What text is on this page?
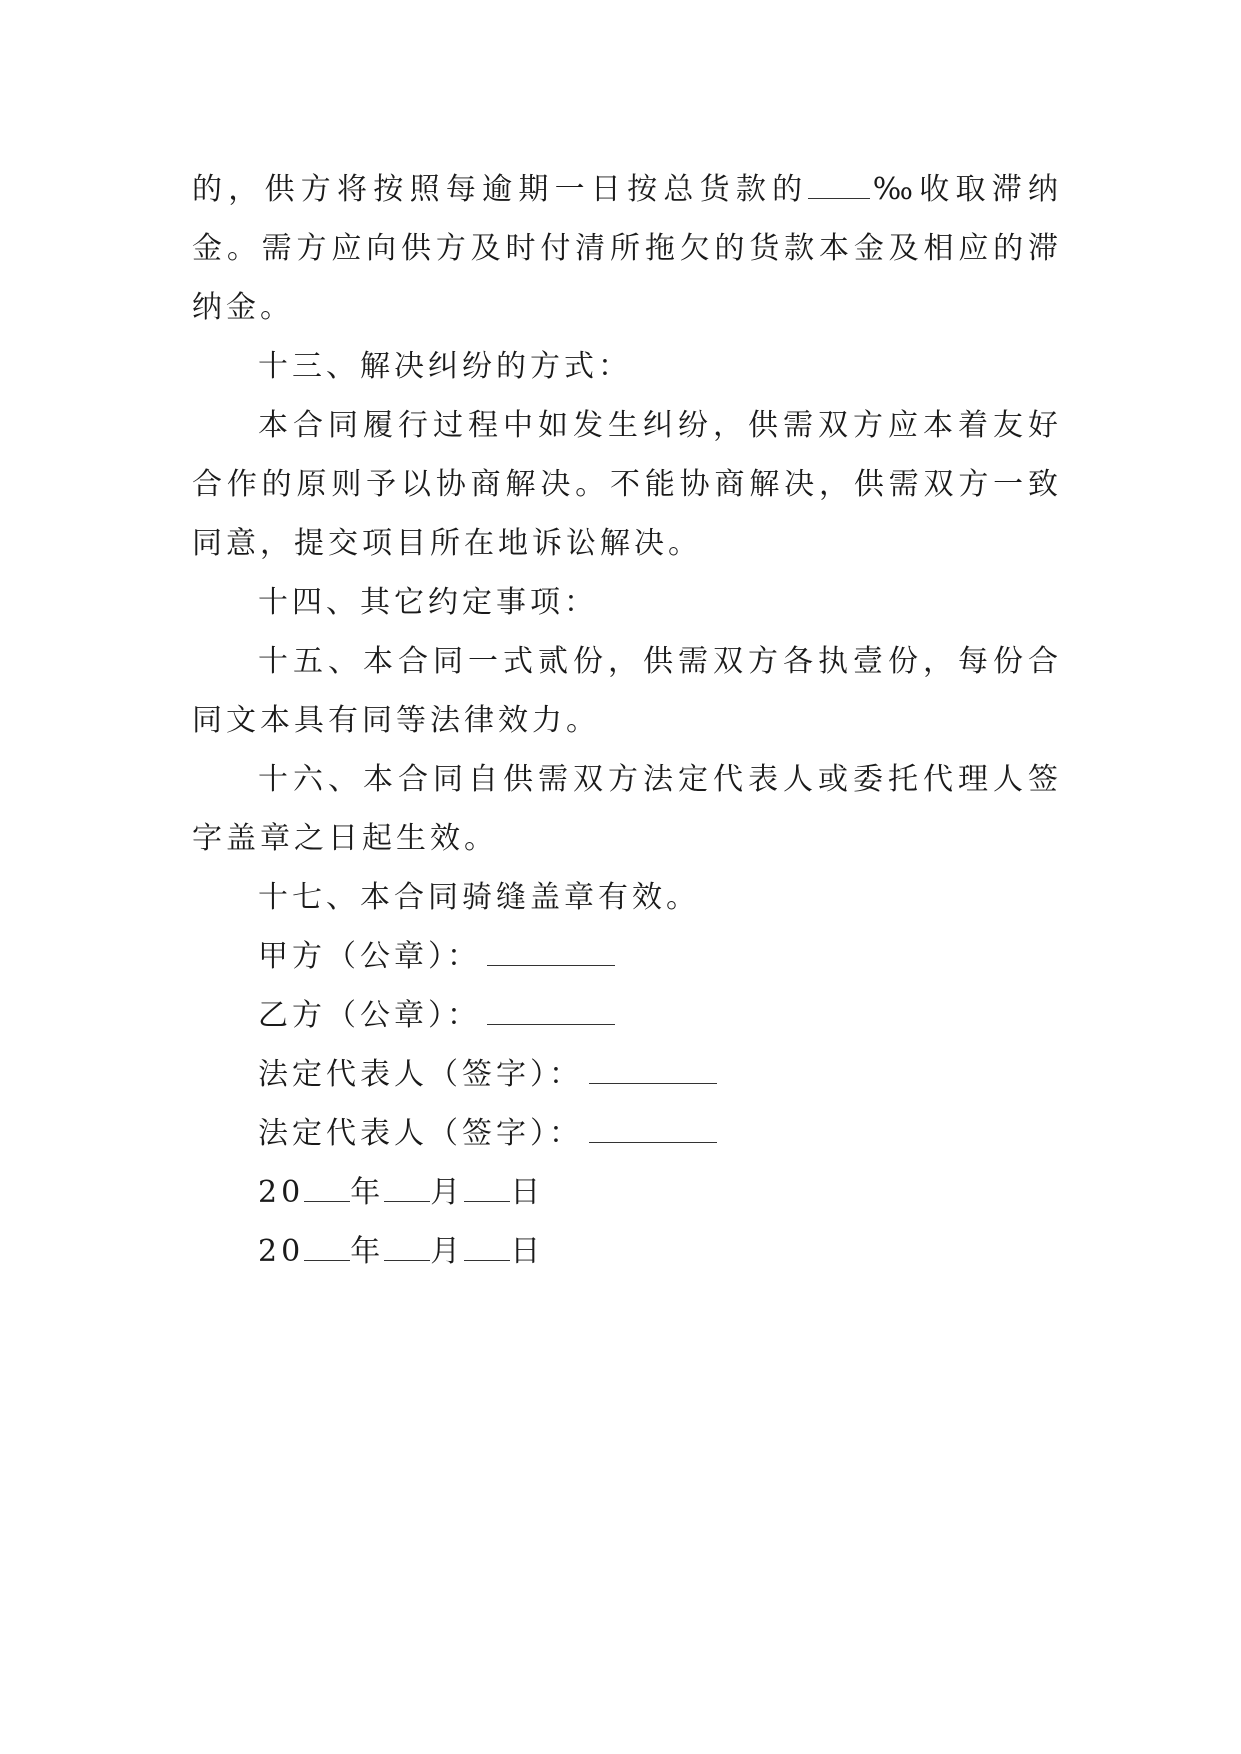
的，供方将按照每逾期一日按总货款的 ‰收取滞纳金。需方应向供方及时付清所拖欠的货款本金及相应的滞纳金。

十三、解决纠纷的方式：

本合同履行过程中如发生纠纷，供需双方应本着友好合作的原则予以协商解决。不能协商解决，供需双方一致同意，提交项目所在地诉讼解决。

十四、其它约定事项：

十五、本合同一式贰份，供需双方各执壹份，每份合同文本具有同等法律效力。

十六、本合同自供需双方法定代表人或委托代理人签字盖章之日起生效。

十七、本合同骑缝盖章有效。

甲方（公章）：

乙方（公章）：

法定代表人（签字）：

法定代表人（签字）：

20 年 月 日

20 年 月 日
